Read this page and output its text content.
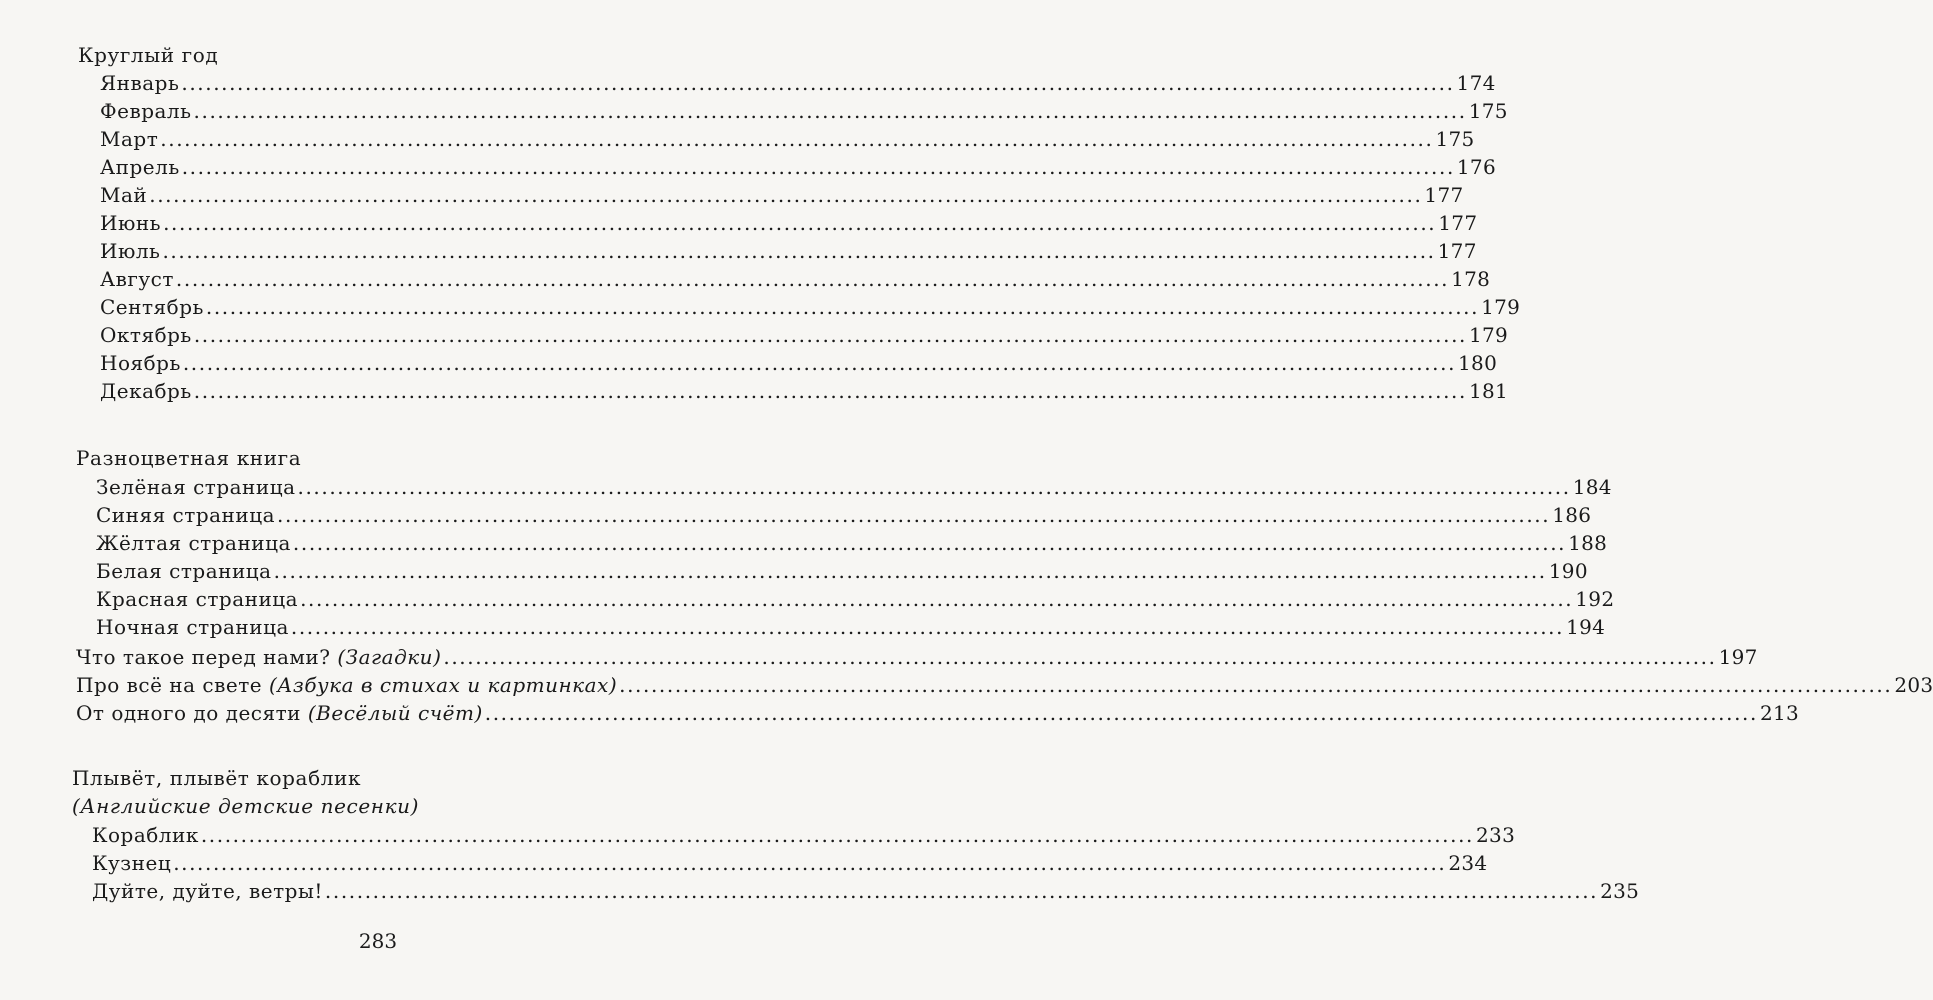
Круглый год
Январь ................................................................................................................................................................ 174
Февраль ................................................................................................................................................................ 175
Март ................................................................................................................................................................ 175
Апрель ................................................................................................................................................................ 176
Май ................................................................................................................................................................ 177
Июнь ................................................................................................................................................................ 177
Июль ................................................................................................................................................................ 177
Август ................................................................................................................................................................ 178
Сентябрь ................................................................................................................................................................ 179
Октябрь ................................................................................................................................................................ 179
Ноябрь ................................................................................................................................................................ 180
Декабрь ................................................................................................................................................................ 181
Разноцветная книга
Зелёная страница ................................................................................................................................................................ 184
Синяя страница ................................................................................................................................................................ 186
Жёлтая страница ................................................................................................................................................................ 188
Белая страница ................................................................................................................................................................ 190
Красная страница ................................................................................................................................................................ 192
Ночная страница ................................................................................................................................................................ 194
Что такое перед нами? (Загадки) ................................................................................................................................................................ 197
Про всё на свете (Азбука в стихах и картинках) ................................................................................................................................................................ 203
От одного до десяти (Весёлый счёт) ................................................................................................................................................................ 213
Плывёт, плывёт кораблик
(Английские детские песенки)
Кораблик ................................................................................................................................................................ 233
Кузнец ................................................................................................................................................................ 234
Дуйте, дуйте, ветры! ................................................................................................................................................................ 235
283
